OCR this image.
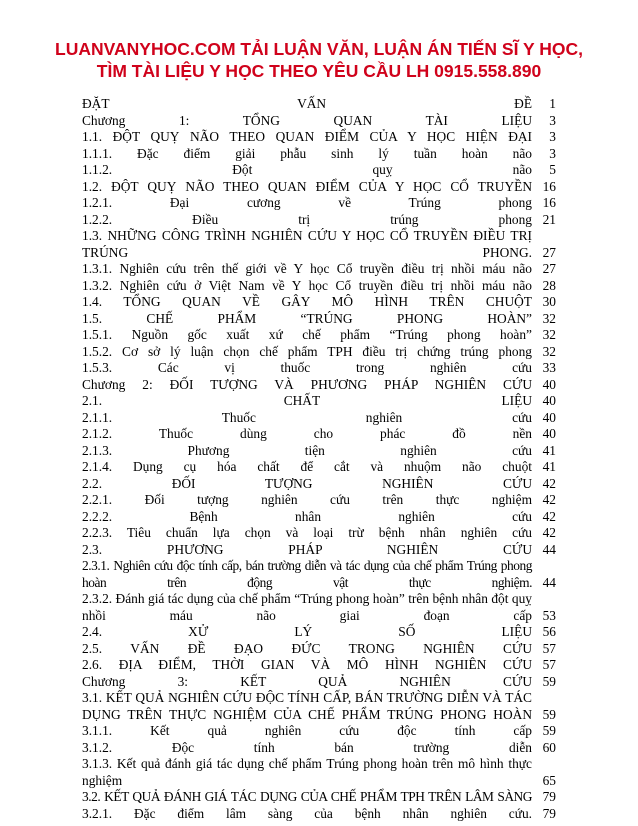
LUANVANYHOC.COM TẢI LUẬN VĂN, LUẬN ÁN TIẾN SĨ Y HỌC,
TÌM TÀI LIỆU Y HỌC THEO YÊU CẦU LH 0915.558.890
ĐẶT VẤN ĐỀ	1
Chương 1: TỔNG QUAN TÀI LIỆU	3
1.1. ĐỘT QUỴ NÃO THEO QUAN ĐIỂM CỦA Y HỌC HIỆN ĐẠI	3
1.1.1. Đặc điểm giải phẫu sinh lý tuần hoàn não	3
1.1.2. Đột quỵ não	5
1.2. ĐỘT QUỴ NÃO THEO QUAN ĐIỂM CỦA Y HỌC CỔ TRUYỀN 16
1.2.1. Đại cương về Trúng phong 16
1.2.2. Điều trị trúng phong 21
1.3. NHỮNG CÔNG TRÌNH NGHIÊN CỨU Y HỌC CỔ TRUYỀN ĐIỀU TRỊ TRÚNG PHONG. 27
1.3.1. Nghiên cứu trên thế giới về Y học Cổ truyền điều trị nhồi máu não 27
1.3.2. Nghiên cứu ở Việt Nam về Y học Cổ truyền điều trị nhồi máu não 28
1.4. TỔNG QUAN VỀ GÂY MÔ HÌNH TRÊN CHUỘT 30
1.5. CHẾ PHẨM “TRÚNG PHONG HOÀN” 32
1.5.1. Nguồn gốc xuất xứ chế phẩm “Trúng phong hoàn” 32
1.5.2. Cơ sở lý luận chọn chế phẩm TPH điều trị chứng trúng phong 32
1.5.3. Các vị thuốc trong nghiên cứu 33
Chương 2: ĐỐI TƯỢNG VÀ PHƯƠNG PHÁP NGHIÊN CỨU 40
2.1. CHẤT LIỆU 40
2.1.1. Thuốc nghiên cứu 40
2.1.2. Thuốc dùng cho phác đồ nền 40
2.1.3. Phương tiện nghiên cứu 41
2.1.4. Dụng cụ hóa chất để cắt và nhuộm não chuột 41
2.2. ĐỐI TƯỢNG NGHIÊN CỨU 42
2.2.1. Đối tượng nghiên cứu trên thực nghiệm 42
2.2.2. Bệnh nhân nghiên cứu 42
2.2.3. Tiêu chuẩn lựa chọn và loại trừ bệnh nhân nghiên cứu 42
2.3. PHƯƠNG PHÁP NGHIÊN CỨU 44
2.3.1. Nghiên cứu độc tính cấp, bán trường diễn và tác dụng của chế phẩm Trúng phong hoàn trên động vật thực nghiệm. 44
2.3.2. Đánh giá tác dụng của chế phẩm “Trúng phong hoàn” trên bệnh nhân đột quỵ nhồi máu não giai đoạn cấp 53
2.4. XỬ LÝ SỐ LIỆU 56
2.5. VẤN ĐỀ ĐẠO ĐỨC TRONG NGHIÊN CỨU 57
2.6. ĐỊA ĐIỂM, THỜI GIAN VÀ MÔ HÌNH NGHIÊN CỨU 57
Chương 3: KẾT QUẢ NGHIÊN CỨU 59
3.1. KẾT QUẢ NGHIÊN CỨU ĐỘC TÍNH CẤP, BÁN TRƯỜNG DIỄN VÀ TÁC DỤNG TRÊN THỰC NGHIỆM CỦA CHẾ PHẨM TRÚNG PHONG HOÀN 59
3.1.1. Kết quả nghiên cứu độc tính cấp 59
3.1.2. Độc tính bán trường diễn 60
3.1.3. Kết quả đánh giá tác dụng chế phẩm Trúng phong hoàn trên mô hình thực nghiệm	65
3.2. KẾT QUẢ ĐÁNH GIÁ TÁC DỤNG CỦA CHẾ PHẨM TPH TRÊN LÂM SÀNG 79
3.2.1. Đặc điểm lâm sàng của bệnh nhân nghiên cứu. 79
